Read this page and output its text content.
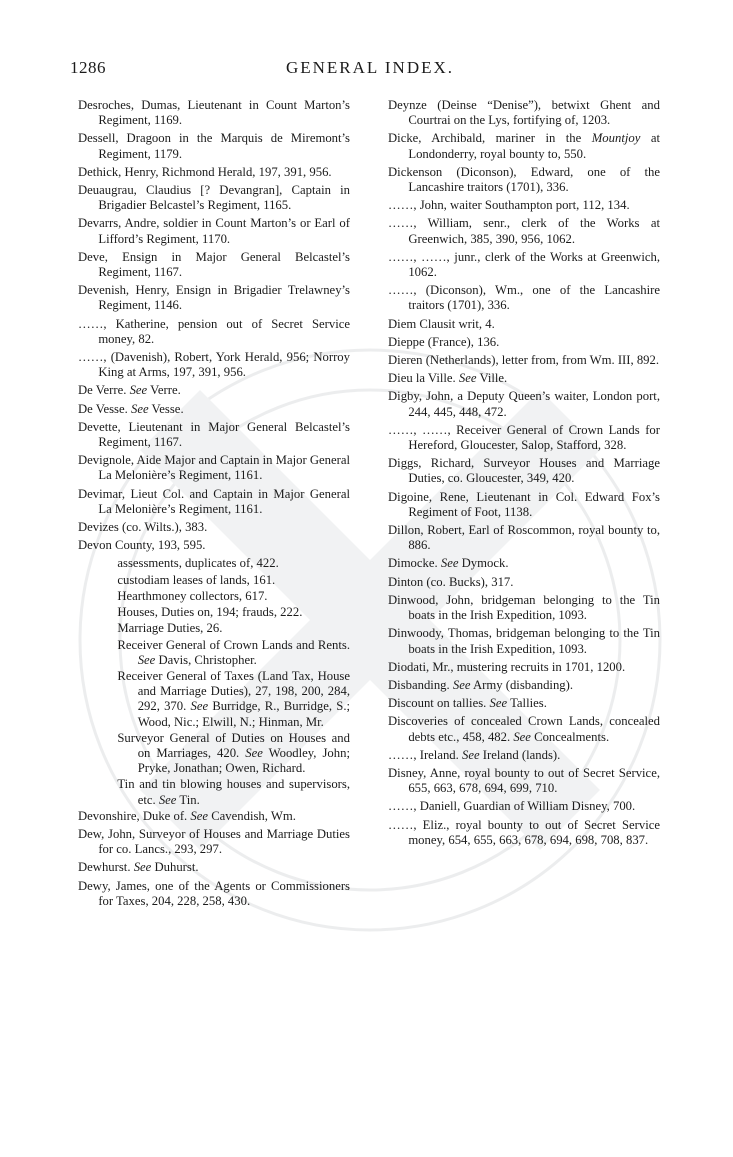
1286	GENERAL INDEX.
Desroches, Dumas, Lieutenant in Count Marton’s Regiment, 1169.
Dessell, Dragoon in the Marquis de Miremont’s Regiment, 1179.
Dethick, Henry, Richmond Herald, 197, 391, 956.
Deuaugrau, Claudius [? Devangran], Captain in Brigadier Belcastel’s Regiment, 1165.
Devarrs, Andre, soldier in Count Marton’s or Earl of Lifford’s Regiment, 1170.
Deve, Ensign in Major General Belcastel’s Regiment, 1167.
Devenish, Henry, Ensign in Brigadier Trelawney’s Regiment, 1146.
……, Katherine, pension out of Secret Service money, 82.
……, (Davenish), Robert, York Herald, 956; Norroy King at Arms, 197, 391, 956.
De Verre. See Verre.
De Vesse. See Vesse.
Devette, Lieutenant in Major General Belcastel’s Regiment, 1167.
Devignole, Aide Major and Captain in Major General La Melonière’s Regiment, 1161.
Devimar, Lieut Col. and Captain in Major General La Melonière’s Regiment, 1161.
Devizes (co. Wilts.), 383.
Devon County, 193, 595.
assessments, duplicates of, 422.
custodiam leases of lands, 161.
Hearthmoney collectors, 617.
Houses, Duties on, 194; frauds, 222.
Marriage Duties, 26.
Receiver General of Crown Lands and Rents. See Davis, Christopher.
Receiver General of Taxes (Land Tax, House and Marriage Duties), 27, 198, 200, 284, 292, 370. See Burridge, R., Burridge, S.; Wood, Nic.; Elwill, N.; Hinman, Mr.
Surveyor General of Duties on Houses and on Marriages, 420. See Woodley, John; Pryke, Jonathan; Owen, Richard.
Tin and tin blowing houses and supervisors, etc. See Tin.
Devonshire, Duke of. See Cavendish, Wm.
Dew, John, Surveyor of Houses and Marriage Duties for co. Lancs., 293, 297.
Dewhurst. See Duhurst.
Dewy, James, one of the Agents or Commissioners for Taxes, 204, 228, 258, 430.
Deynze (Deinse “Denise”), betwixt Ghent and Courtrai on the Lys, fortifying of, 1203.
Dicke, Archibald, mariner in the Mountjoy at Londonderry, royal bounty to, 550.
Dickenson (Diconson), Edward, one of the Lancashire traitors (1701), 336.
……, John, waiter Southampton port, 112, 134.
……, William, senr., clerk of the Works at Greenwich, 385, 390, 956, 1062.
……, ……, junr., clerk of the Works at Greenwich, 1062.
……, (Diconson), Wm., one of the Lancashire traitors (1701), 336.
Diem Clausit writ, 4.
Dieppe (France), 136.
Dieren (Netherlands), letter from, from Wm. III, 892.
Dieu la Ville. See Ville.
Digby, John, a Deputy Queen’s waiter, London port, 244, 445, 448, 472.
……, ……, Receiver General of Crown Lands for Hereford, Gloucester, Salop, Stafford, 328.
Diggs, Richard, Surveyor Houses and Marriage Duties, co. Gloucester, 349, 420.
Digoine, Rene, Lieutenant in Col. Edward Fox’s Regiment of Foot, 1138.
Dillon, Robert, Earl of Roscommon, royal bounty to, 886.
Dimocke. See Dymock.
Dinton (co. Bucks), 317.
Dinwood, John, bridgeman belonging to the Tin boats in the Irish Expedition, 1093.
Dinwoody, Thomas, bridgeman belonging to the Tin boats in the Irish Expedition, 1093.
Diodati, Mr., mustering recruits in 1701, 1200.
Disbanding. See Army (disbanding).
Discount on tallies. See Tallies.
Discoveries of concealed Crown Lands, concealed debts etc., 458, 482. See Concealments.
……, Ireland. See Ireland (lands).
Disney, Anne, royal bounty to out of Secret Service, 655, 663, 678, 694, 699, 710.
……, Daniell, Guardian of William Disney, 700.
……, Eliz., royal bounty to out of Secret Service money, 654, 655, 663, 678, 694, 698, 708, 837.
